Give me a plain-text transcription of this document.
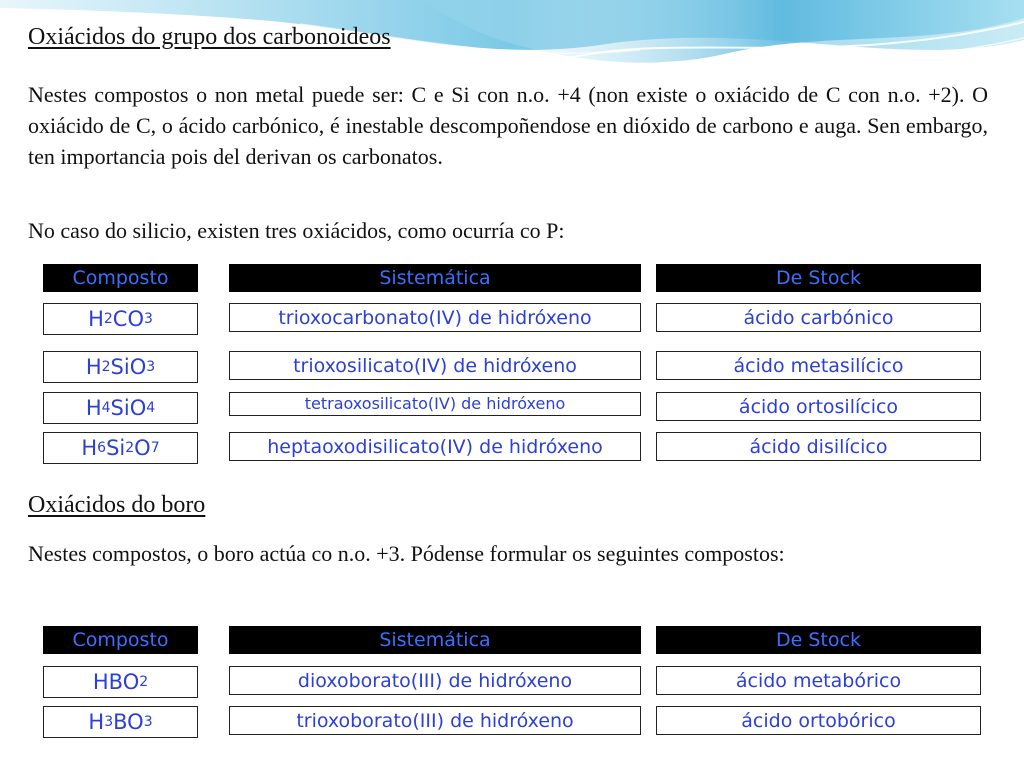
Oxiácidos do grupo dos carbonoideos

Nestes compostos o non metal puede ser: C e Si con n.o. +4 (non existe o oxiácido de C con n.o. +2). O oxiácido de C, o ácido carbónico, é inestable descompoñendose en dióxido de carbono e auga. Sen embargo, ten importancia pois del derivan os carbonatos.

No caso do silicio, existen tres oxiácidos, como ocurría co P:

Composto	Sistemática	De Stock
H 2 CO 3	trioxocarbonato(IV) de hidróxeno	ácido carbónico
H 2 SiO 3	trioxosilicato(IV) de hidróxeno	ácido metasilícico
H 4 SiO 4	tetraoxosilicato(IV) de hidróxeno	ácido ortosilícico
H 6 Si 2 O 7	heptaoxodisilicato(IV) de hidróxeno	ácido disilícico
Oxiácidos do boro

Nestes compostos, o boro actúa co n.o. +3. Pódense formular os seguintes compostos:

Composto	Sistemática	De Stock
HBO 2	dioxoborato(III) de hidróxeno	ácido metabórico
H 3 BO 3	trioxoborato(III) de hidróxeno	ácido ortobórico
